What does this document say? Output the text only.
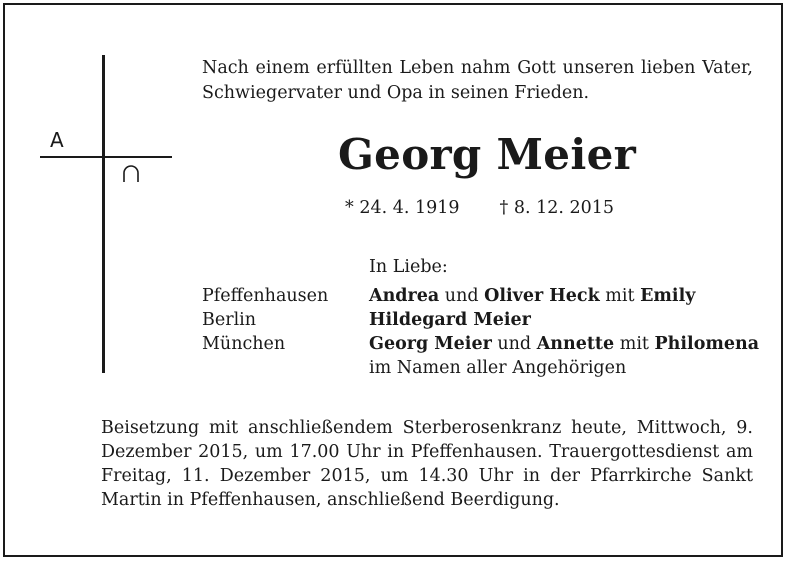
A
Nach einem erfüllten Leben nahm Gott unseren lieben Vater, Schwiegervater und Opa in seinen Frieden.
Georg Meier
* 24. 4. 1919 † 8. 12. 2015
In Liebe:
Pfeffenhausen	Andrea und Oliver Heck mit Emily
Berlin	Hildegard Meier
München	Georg Meier und Annette mit Philomena
im Namen aller Angehörigen
Beisetzung mit anschließendem Sterberosenkranz heute, Mittwoch, 9. Dezember 2015, um 17.00 Uhr in Pfeffenhausen. Trauergottesdienst am Freitag, 11. Dezember 2015, um 14.30 Uhr in der Pfarrkirche Sankt Martin in Pfeffenhausen, anschließend Beerdigung.
